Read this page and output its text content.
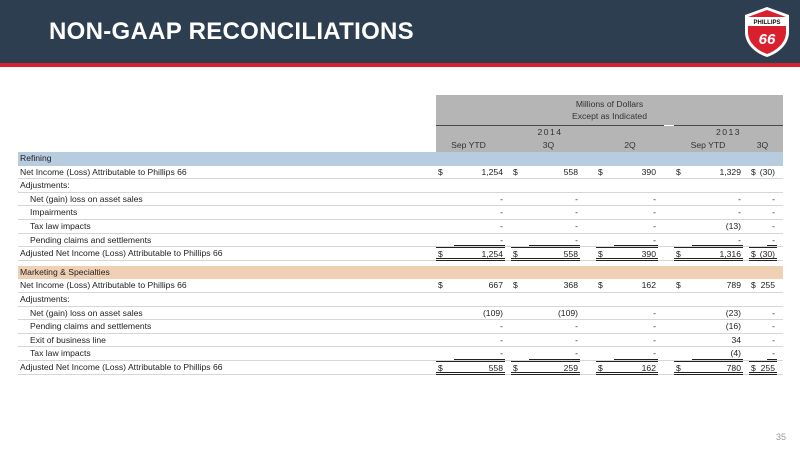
NON-GAAP RECONCILIATIONS	PHILLIPS
66
Millions of Dollars
Except as Indicated
2014	2013
Sep YTD	3Q	2Q	Sep YTD	3Q
Refining
Net Income (Loss) Attributable to Phillips 66	$	1,254 $	558 $	390 $	1,329 $ (30)
Adjustments:
Net (gain) loss on asset sales	-	-	-	-	-
Impairments	-	-	-	-	-
Tax law impacts	-	-	-	(13)	-
Pending claims and settlements	-	-	-	-	-
Adjusted Net Income (Loss) Attributable to Phillips 66	$	1,254 $	558 $	390 $	1,316 $ (30)
Marketing & Specialties
Net Income (Loss) Attributable to Phillips 66	$	667 $	368 $	162 $	789 $ 255
Adjustments:
Net (gain) loss on asset sales	(109)	(109)	-	(23)	-
Pending claims and settlements	-	-	-	(16)	-
Exit of business line	-	-	-	34	-
Tax law impacts	-	-	-	(4)	-
Adjusted Net Income (Loss) Attributable to Phillips 66	$	558 $	259 $	162 $	780 $ 255
35
